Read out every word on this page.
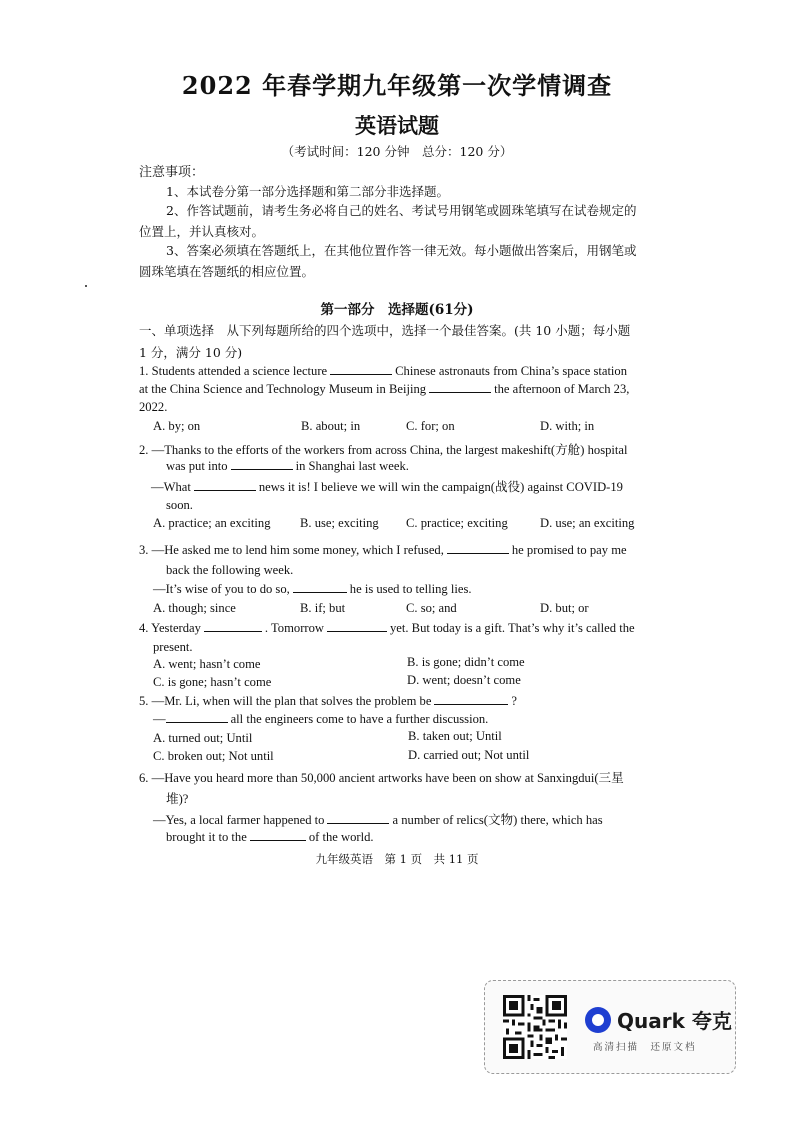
2022 年春学期九年级第一次学情调查
英语试题
（考试时间：120 分钟　总分：120 分）
注意事项：
1、本试卷分第一部分选择题和第二部分非选择题。
2、作答试题前，请考生务必将自己的姓名、考试号用钢笔或圆珠笔填写在试卷规定的
位置上，并认真核对。
3、答案必须填在答题纸上，在其他位置作答一律无效。每小题做出答案后，用钢笔或
圆珠笔填在答题纸的相应位置。
第一部分　选择题(61分)
一、单项选择　从下列每题所给的四个选项中，选择一个最佳答案。(共 10 小题；每小题
1 分，满分 10 分)
1. Students attended a science lecture	Chinese astronauts from China’s space station
at the China Science and Technology Museum in Beijing	the afternoon of March 23,
2022.
A. by; on	B. about; in	C. for; on	D. with; in
2. —Thanks to the efforts of the workers from across China, the largest makeshift(方舱) hospital
was put into	in Shanghai last week.
—What	news it is! I believe we will win the campaign(战役) against COVID-19
soon.
A. practice; an exciting B. use; exciting C. practice; exciting	D. use; an exciting
3. —He asked me to lend him some money, which I refused,	he promised to pay me
back the following week.
—It’s wise of you to do so,	he is used to telling lies.
A. though; since	B. if; but	C. so; and	D. but; or
4. Yesterday	. Tomorrow	yet. But today is a gift. That’s why it’s called the
present.
A. went; hasn’t come	B. is gone; didn’t come
C. is gone; hasn’t come	D. went; doesn’t come
5. —Mr. Li, when will the plan that solves the problem be	?
—	all the engineers come to have a further discussion.
A. turned out; Until	B. taken out; Until
C. broken out; Not until	D. carried out; Not until
6. —Have you heard more than 50,000 ancient artworks have been on show at Sanxingdui(三星
堆)?
—Yes, a local farmer happened to	a number of relics(文物) there, which has
brought it to the	of the world.
九年级英语　第 1 页　共 11 页
Quark 夸克
高清扫描　还原文档
